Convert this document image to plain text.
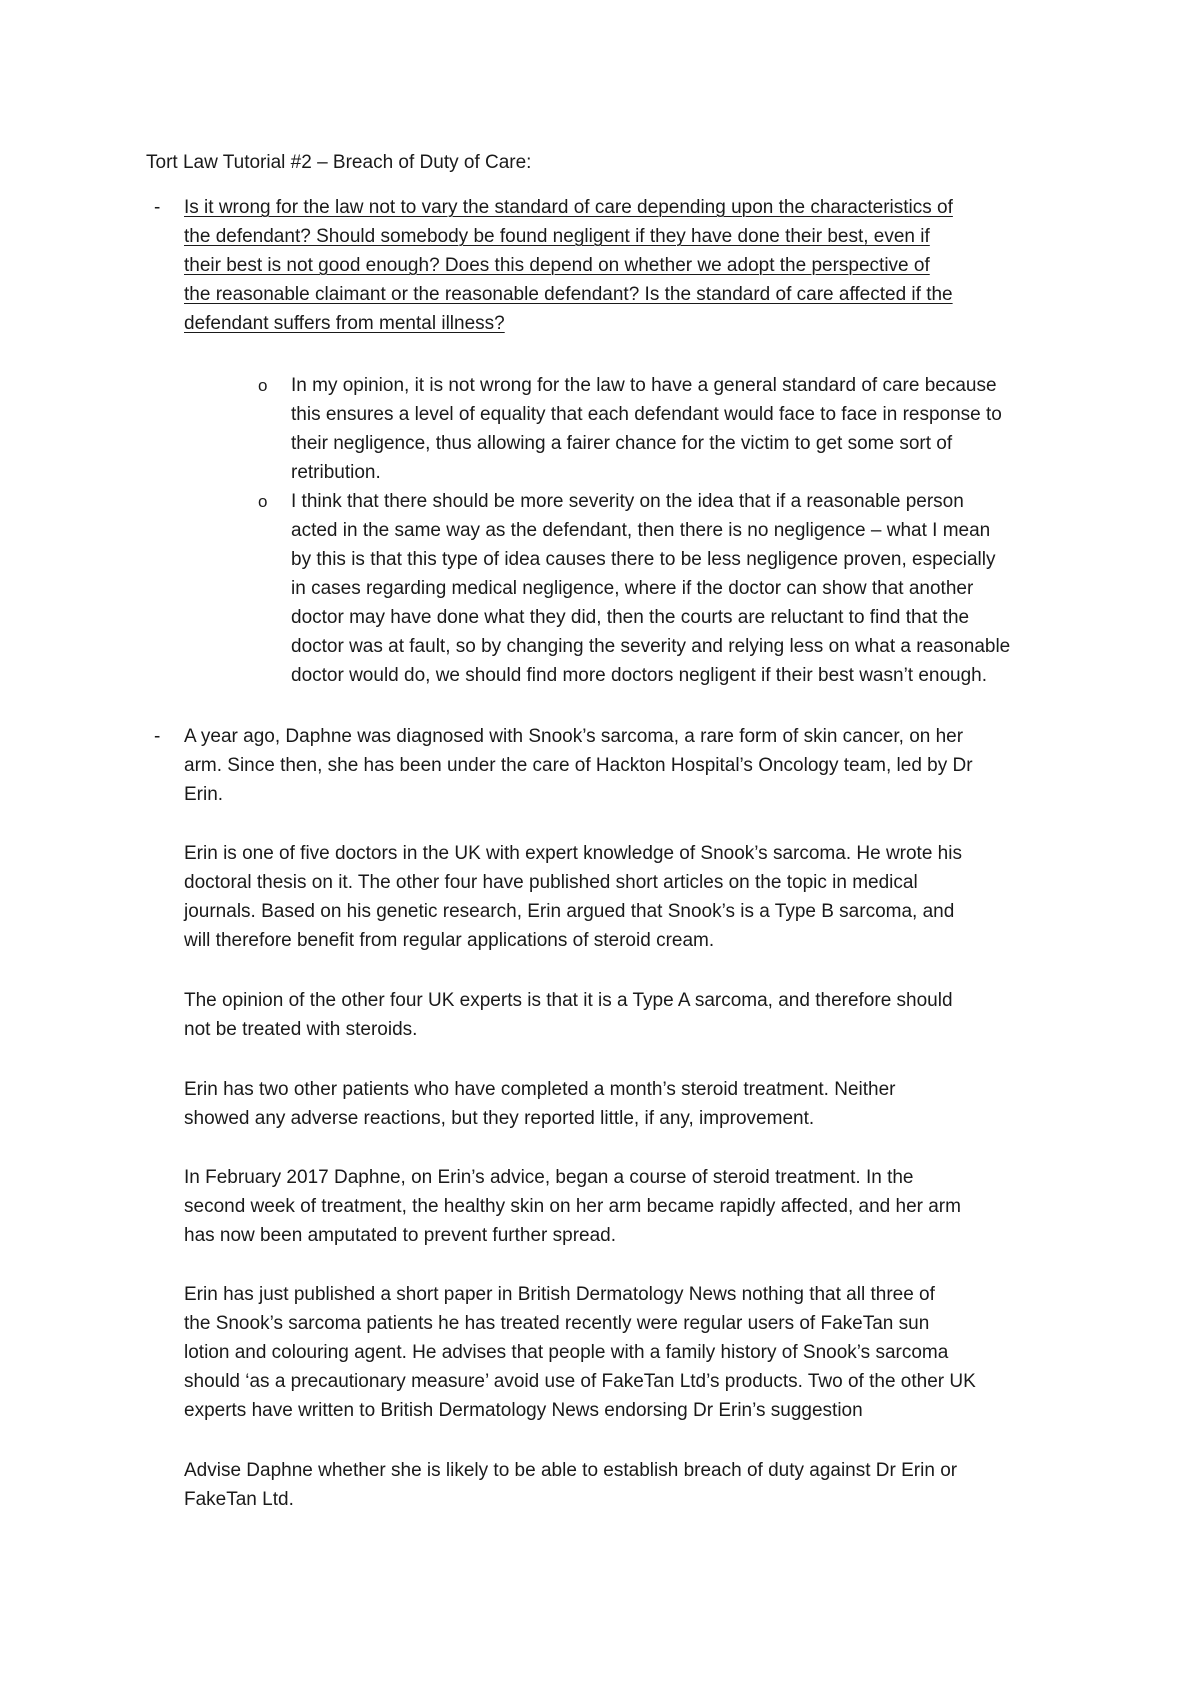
Tort Law Tutorial #2 – Breach of Duty of Care:
-	Is it wrong for the law not to vary the standard of care depending upon the characteristics of
the defendant? Should somebody be found negligent if they have done their best, even if
their best is not good enough? Does this depend on whether we adopt the perspective of
the reasonable claimant or the reasonable defendant? Is the standard of care affected if the
defendant suffers from mental illness?
o In my opinion, it is not wrong for the law to have a general standard of care because
this ensures a level of equality that each defendant would face to face in response to
their negligence, thus allowing a fairer chance for the victim to get some sort of
retribution.
o I think that there should be more severity on the idea that if a reasonable person
acted in the same way as the defendant, then there is no negligence – what I mean
by this is that this type of idea causes there to be less negligence proven, especially
in cases regarding medical negligence, where if the doctor can show that another
doctor may have done what they did, then the courts are reluctant to find that the
doctor was at fault, so by changing the severity and relying less on what a reasonable
doctor would do, we should find more doctors negligent if their best wasn’t enough.
-	A year ago, Daphne was diagnosed with Snook’s sarcoma, a rare form of skin cancer, on her
arm. Since then, she has been under the care of Hackton Hospital’s Oncology team, led by Dr
Erin.
Erin is one of five doctors in the UK with expert knowledge of Snook’s sarcoma. He wrote his
doctoral thesis on it. The other four have published short articles on the topic in medical
journals. Based on his genetic research, Erin argued that Snook’s is a Type B sarcoma, and
will therefore benefit from regular applications of steroid cream.
The opinion of the other four UK experts is that it is a Type A sarcoma, and therefore should
not be treated with steroids.
Erin has two other patients who have completed a month’s steroid treatment. Neither
showed any adverse reactions, but they reported little, if any, improvement.
In February 2017 Daphne, on Erin’s advice, began a course of steroid treatment. In the
second week of treatment, the healthy skin on her arm became rapidly affected, and her arm
has now been amputated to prevent further spread.
Erin has just published a short paper in British Dermatology News nothing that all three of
the Snook’s sarcoma patients he has treated recently were regular users of FakeTan sun
lotion and colouring agent. He advises that people with a family history of Snook’s sarcoma
should ‘as a precautionary measure’ avoid use of FakeTan Ltd’s products. Two of the other UK
experts have written to British Dermatology News endorsing Dr Erin’s suggestion
Advise Daphne whether she is likely to be able to establish breach of duty against Dr Erin or
FakeTan Ltd.
